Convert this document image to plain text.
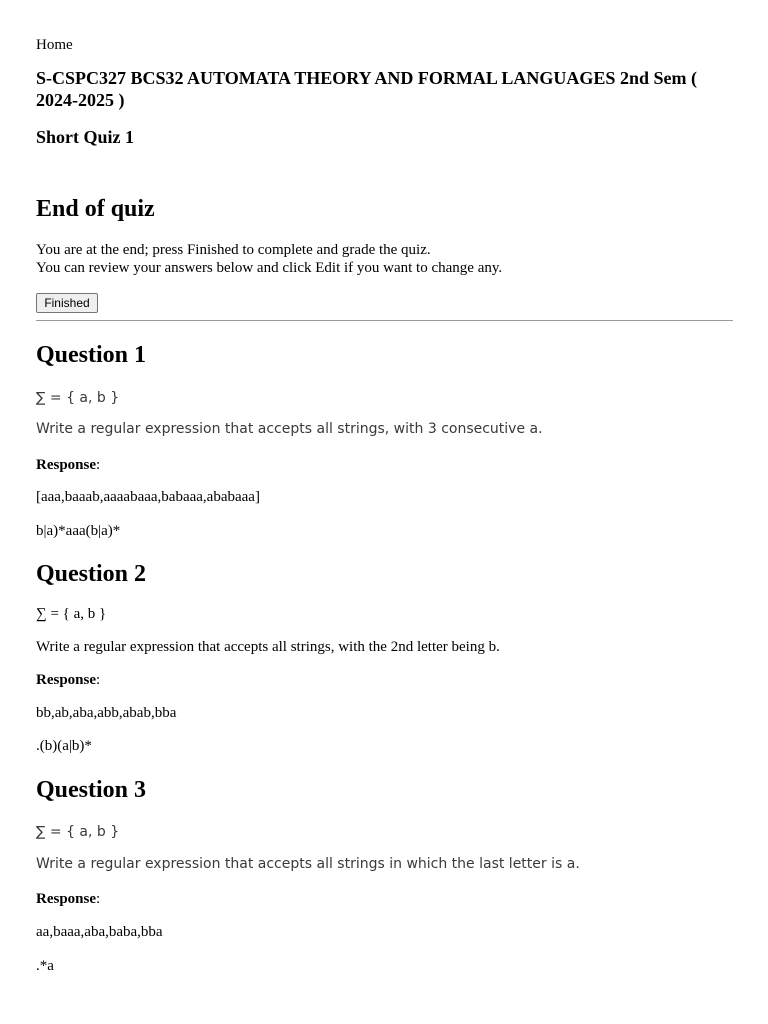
Home
S-CSPC327 BCS32 AUTOMATA THEORY AND FORMAL LANGUAGES 2nd Sem ( 2024-2025 )
Short Quiz 1
End of quiz
You are at the end; press Finished to complete and grade the quiz.
You can review your answers below and click Edit if you want to change any.
Finished
Question 1
∑ = { a, b }
Write a regular expression that accepts all strings, with 3 consecutive a.
Response:
[aaa,baaab,aaaabaaa,babaaa,ababaaa]
b|a)*aaa(b|a)*
Question 2
∑ = { a, b }
Write a regular expression that accepts all strings, with the 2nd letter being b.
Response:
bb,ab,aba,abb,abab,bba
.(b)(a|b)*
Question 3
∑ = { a, b }
Write a regular expression that accepts all strings in which the last letter is a.
Response:
aa,baaa,aba,baba,bba
.*a
